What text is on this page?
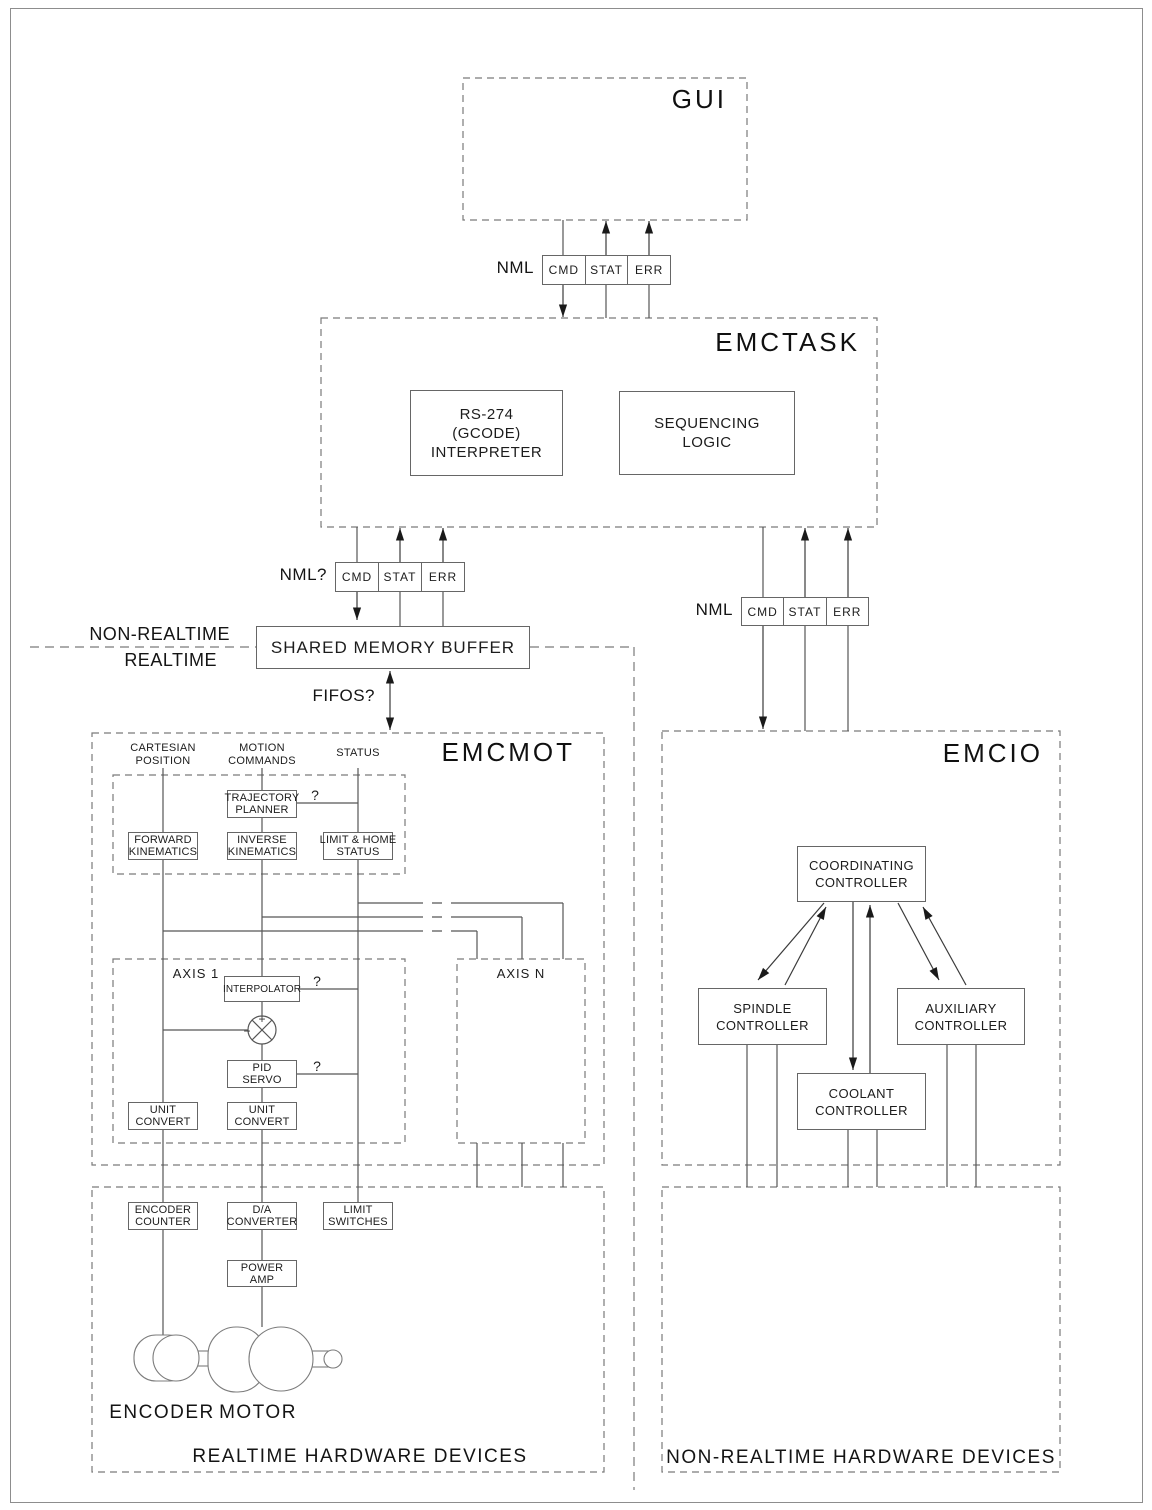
GUI
EMCTASK
EMCMOT	EMCIO
NML	CMD STAT	ERR
NML?	CMD STAT	ERR
NML	CMD STAT ERR
RS-274
(GCODE)
INTERPRETER
SEQUENCING
LOGIC
NON-REALTIME
REALTIME
SHARED MEMORY BUFFER
FIFOS?
CARTESIAN
POSITION
MOTION
COMMANDS
STATUS
TRAJECTORY
PLANNER
FORWARD
KINEMATICS
INVERSE
KINEMATICS
LIMIT & HOME
STATUS
AXIS 1	AXIS N
INTERPOLATOR
PID
SERVO
UNIT
CONVERT
UNIT
CONVERT
?
?
?
+
−
ENCODER
COUNTER
D/A
CONVERTER
LIMIT
SWITCHES
POWER
AMP
ENCODER MOTOR
REALTIME HARDWARE DEVICES
COORDINATING
CONTROLLER
SPINDLE
CONTROLLER
AUXILIARY
CONTROLLER
COOLANT
CONTROLLER
NON-REALTIME HARDWARE DEVICES
